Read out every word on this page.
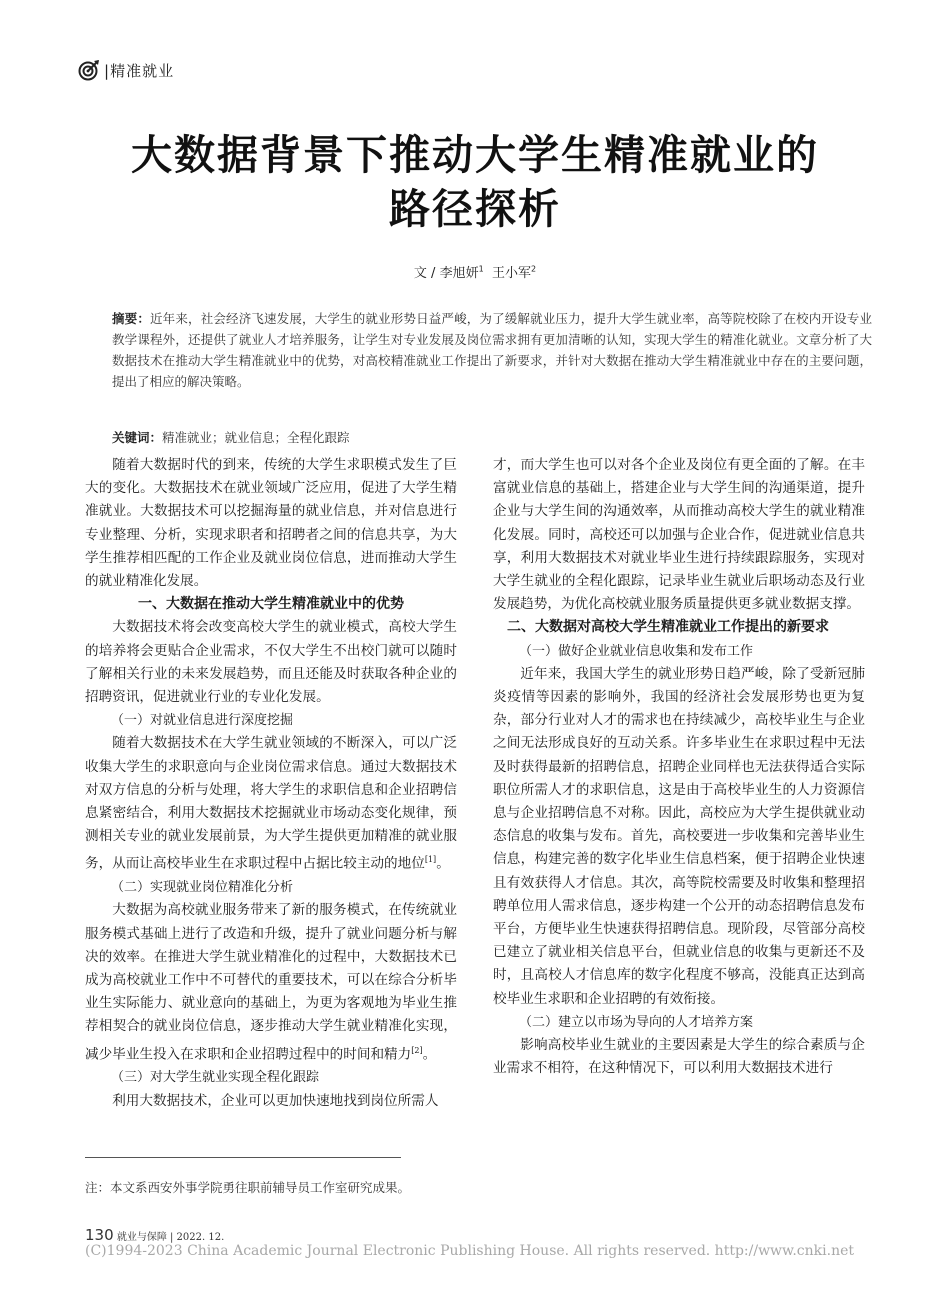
|精准就业
大数据背景下推动大学生精准就业的
路径探析
文 / 李旭妍$^1$ 王小军$^2$

摘要：近年来，社会经济飞速发展，大学生的就业形势日益严峻，为了缓解就业压力，提升大学生就业率，高等院校除了在校内开设专业教学课程外，还提供了就业人才培养服务，让学生对专业发展及岗位需求拥有更加清晰的认知，实现大学生的精准化就业。文章分析了大数据技术在推动大学生精准就业中的优势，对高校精准就业工作提出了新要求，并针对大数据在推动大学生精准就业中存在的主要问题，提出了相应的解决策略。

关键词：精准就业；就业信息；全程化跟踪

随着大数据时代的到来，传统的大学生求职模式发生了巨大的变化。大数据技术在就业领域广泛应用，促进了大学生精准就业。大数据技术可以挖掘海量的就业信息，并对信息进行专业整理、分析，实现求职者和招聘者之间的信息共享，为大学生推荐相匹配的工作企业及就业岗位信息，进而推动大学生的就业精准化发展。

一、大数据在推动大学生精准就业中的优势

大数据技术将会改变高校大学生的就业模式，高校大学生的培养将会更贴合企业需求，不仅大学生不出校门就可以随时了解相关行业的未来发展趋势，而且还能及时获取各种企业的招聘资讯，促进就业行业的专业化发展。

（一）对就业信息进行深度挖掘

随着大数据技术在大学生就业领域的不断深入，可以广泛收集大学生的求职意向与企业岗位需求信息。通过大数据技术对双方信息的分析与处理，将大学生的求职信息和企业招聘信息紧密结合，利用大数据技术挖掘就业市场动态变化规律，预测相关专业的就业发展前景，为大学生提供更加精准的就业服务，从而让高校毕业生在求职过程中占据比较主动的地位[1]。

（二）实现就业岗位精准化分析

大数据为高校就业服务带来了新的服务模式，在传统就业服务模式基础上进行了改造和升级，提升了就业问题分析与解决的效率。在推进大学生就业精准化的过程中，大数据技术已成为高校就业工作中不可替代的重要技术，可以在综合分析毕业生实际能力、就业意向的基础上，为更为客观地为毕业生推荐相契合的就业岗位信息，逐步推动大学生就业精准化实现，减少毕业生投入在求职和企业招聘过程中的时间和精力[2]。

（三）对大学生就业实现全程化跟踪

利用大数据技术，企业可以更加快速地找到岗位所需人

才，而大学生也可以对各个企业及岗位有更全面的了解。在丰富就业信息的基础上，搭建企业与大学生间的沟通渠道，提升企业与大学生间的沟通效率，从而推动高校大学生的就业精准化发展。同时，高校还可以加强与企业合作，促进就业信息共享，利用大数据技术对就业毕业生进行持续跟踪服务，实现对大学生就业的全程化跟踪，记录毕业生就业后职场动态及行业发展趋势，为优化高校就业服务质量提供更多就业数据支撑。

二、大数据对高校大学生精准就业工作提出的新要求

（一）做好企业就业信息收集和发布工作

近年来，我国大学生的就业形势日趋严峻，除了受新冠肺炎疫情等因素的影响外，我国的经济社会发展形势也更为复杂，部分行业对人才的需求也在持续减少，高校毕业生与企业之间无法形成良好的互动关系。许多毕业生在求职过程中无法及时获得最新的招聘信息，招聘企业同样也无法获得适合实际职位所需人才的求职信息，这是由于高校毕业生的人力资源信息与企业招聘信息不对称。因此，高校应为大学生提供就业动态信息的收集与发布。首先，高校要进一步收集和完善毕业生信息，构建完善的数字化毕业生信息档案，便于招聘企业快速且有效获得人才信息。其次，高等院校需要及时收集和整理招聘单位用人需求信息，逐步构建一个公开的动态招聘信息发布平台，方便毕业生快速获得招聘信息。现阶段，尽管部分高校已建立了就业相关信息平台，但就业信息的收集与更新还不及时，且高校人才信息库的数字化程度不够高，没能真正达到高校毕业生求职和企业招聘的有效衔接。

（二）建立以市场为导向的人才培养方案

影响高校毕业生就业的主要因素是大学生的综合素质与企业需求不相符，在这种情况下，可以利用大数据技术进行

注：本文系西安外事学院勇往职前辅导员工作室研究成果。

130 就业与保障 | 2022. 12.
(C)1994-2023 China Academic Journal Electronic Publishing House. All rights reserved. http://www.cnki.net
